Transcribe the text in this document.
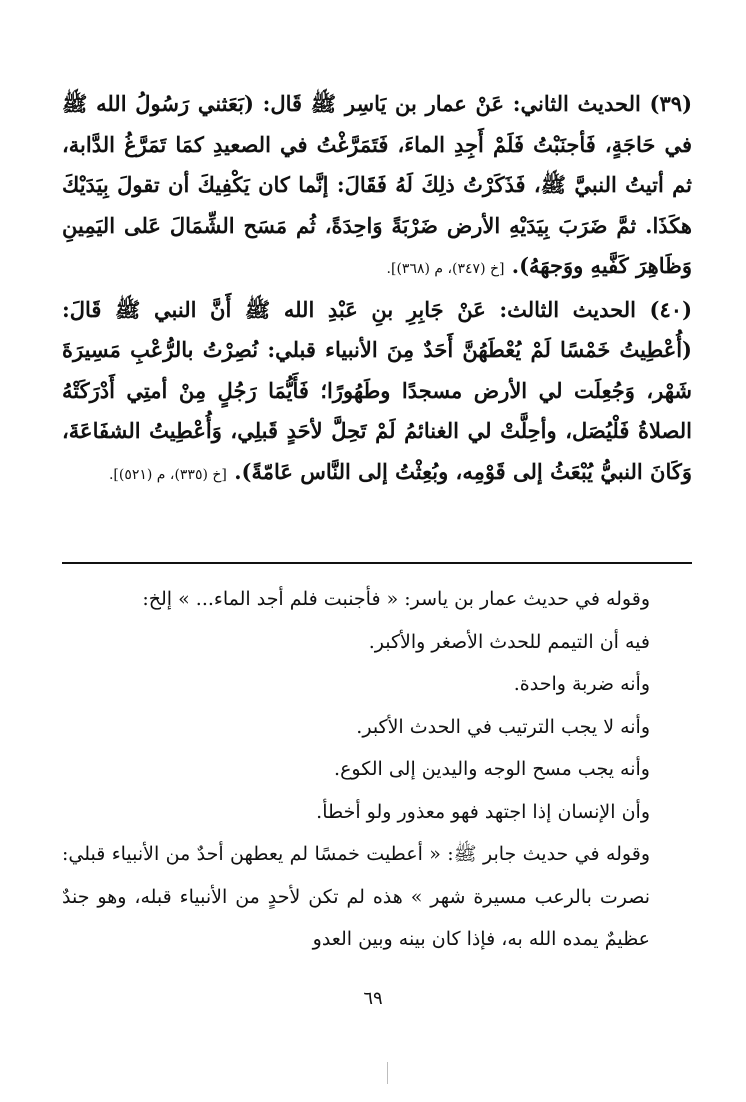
(٣٩) الحديث الثاني: عَنْ عمار بن يَاسِر ﷺ قَال: (بَعَثني رَسُولُ الله ﷺ في حَاجَةٍ، فَأجنَبْتُ فَلَمْ أَجِدِ الماءَ، فَتَمَرَّغْتُ في الصعيدِ كمَا تَمَرَّغُ الدَّابة، ثم أتيتُ النبيَّ ﷺ، فَذَكَرْتُ ذلِكَ لَهُ فَقَالَ: إنَّما كان يَكْفِيكَ أن تقولَ بِيَدَيْكَ هكَذَا. ثمَّ ضَرَبَ بِيَدَيْهِ الأرض ضَرْبَةً وَاحِدَةً، ثُم مَسَح الشِّمَالَ عَلى اليَمِينِ وَظَاهِرَ كَفَّيهِ ووَجهَهُ). [خ (٣٤٧)، م (٣٦٨)].
(٤٠) الحديث الثالث: عَنْ جَابِرِ بنِ عَبْدِ الله ﷺ أَنَّ النبي ﷺ قَالَ: (أُعْطِيتُ خَمْسًا لَمْ يُعْطَهُنَّ أَحَدٌ مِنَ الأنبياء قبلي: نُصِرْتُ بالرُّعْبِ مَسِيرَةَ شَهْر، وَجُعِلَت لي الأرض مسجدًا وطَهُورًا؛ فَأَيُّمَا رَجُلٍ مِنْ أمتِي أَدْرَكَتْهُ الصلاةُ فَلْيُصَل، وأحِلَّتْ لي الغنائمُ لَمْ تَحِلَّ لأحَدٍ قَبلِي، وَأُعْطِيتُ الشفَاعَةَ، وَكَانَ النبيُّ يُبْعَثُ إلى قَوْمِه، وبُعِثْتُ إلى النَّاس عَامّةً). [خ (٣٣٥)، م (٥٢١)].

وقوله في حديث عمار بن ياسر: « فأجنبت فلم أجد الماء... » إلخ:

فيه أن التيمم للحدث الأصغر والأكبر.

وأنه ضربة واحدة.

وأنه لا يجب الترتيب في الحدث الأكبر.

وأنه يجب مسح الوجه واليدين إلى الكوع.

وأن الإنسان إذا اجتهد فهو معذور ولو أخطأ.

وقوله في حديث جابر ﷺ: « أعطيت خمسًا لم يعطهن أحدٌ من الأنبياء قبلي: نصرت بالرعب مسيرة شهر » هذه لم تكن لأحدٍ من الأنبياء قبله، وهو جندٌ عظيمٌ يمده الله به، فإذا كان بينه وبين العدو

٦٩
